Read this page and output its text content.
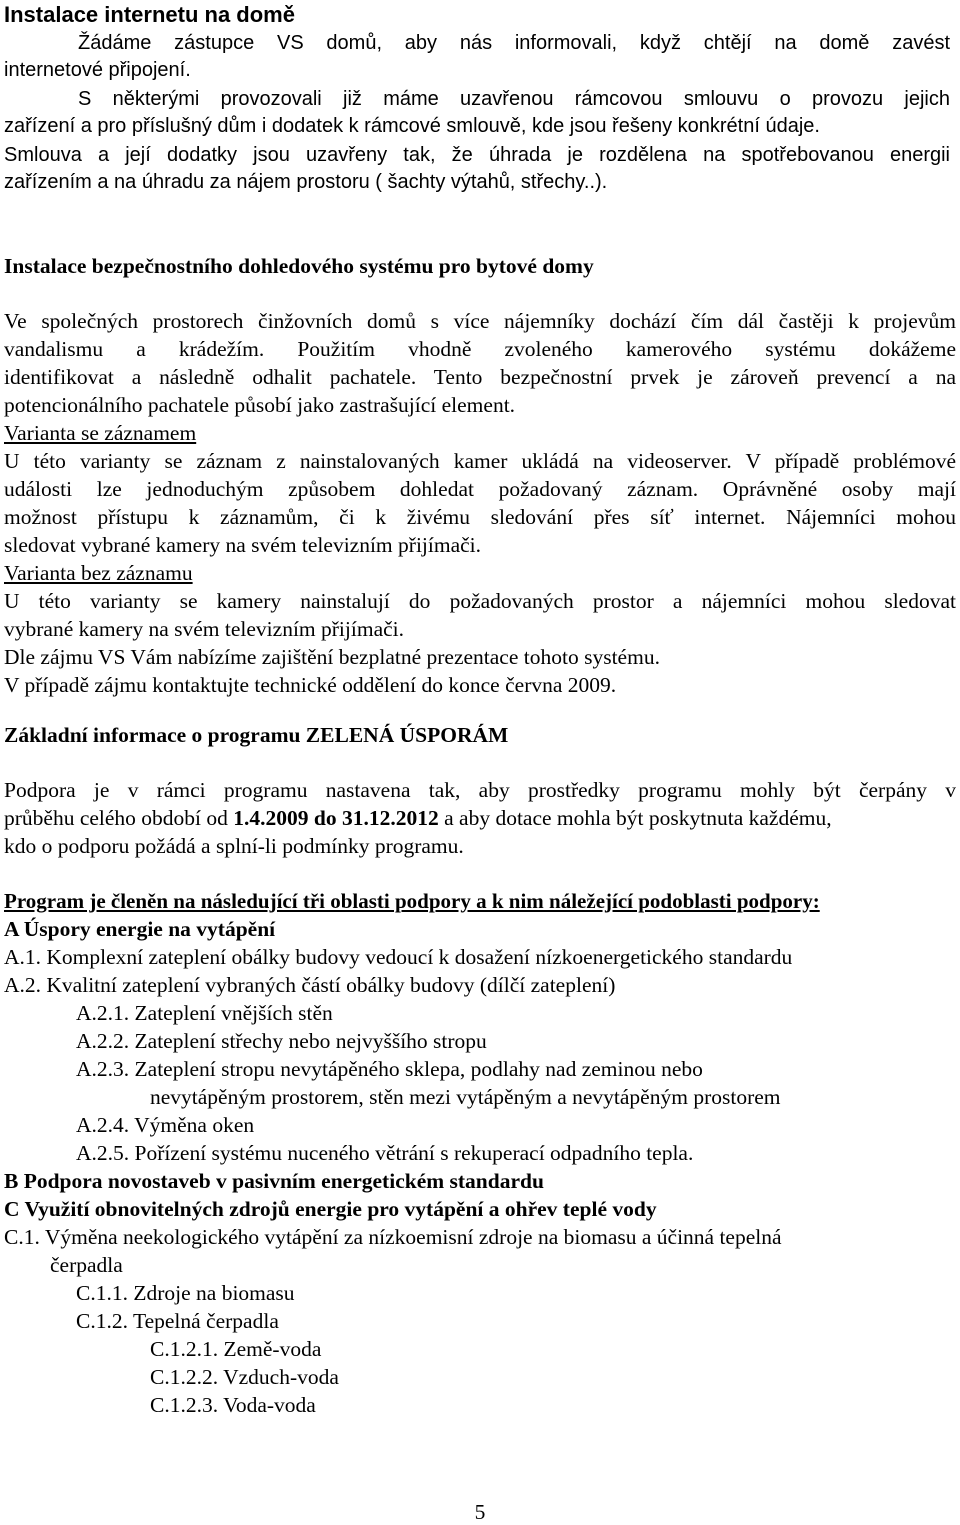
Instalace internetu na domě
Žádáme zástupce VS domů, aby nás informovali, když chtějí na domě zavést
internetové připojení.
S některými provozovali již máme uzavřenou rámcovou smlouvu o provozu jejich
zařízení a pro příslušný dům i dodatek k rámcové smlouvě, kde jsou řešeny konkrétní údaje.
Smlouva a její dodatky jsou uzavřeny tak, že úhrada je rozdělena na spotřebovanou energii
zařízením a na úhradu za nájem prostoru ( šachty výtahů, střechy..).
Instalace bezpečnostního dohledového systému pro bytové domy
Ve společných prostorech činžovních domů s více nájemníky dochází čím dál častěji k projevům
vandalismu a krádežím. Použitím vhodně zvoleného kamerového systému dokážeme
identifikovat a následně odhalit pachatele. Tento bezpečnostní prvek je zároveň prevencí a na
potencionálního pachatele působí jako zastrašující element.
Varianta se záznamem
U této varianty se záznam z nainstalovaných kamer ukládá na videoserver. V případě problémové
události lze jednoduchým způsobem dohledat požadovaný záznam. Oprávněné osoby mají
možnost přístupu k záznamům, či k živému sledování přes síť internet. Nájemníci mohou
sledovat vybrané kamery na svém televizním přijímači.
Varianta bez záznamu
U této varianty se kamery nainstalují do požadovaných prostor a nájemníci mohou sledovat
vybrané kamery na svém televizním přijímači.
Dle zájmu VS Vám nabízíme zajištění bezplatné prezentace tohoto systému.
V případě zájmu kontaktujte technické oddělení do konce června 2009.
Základní informace o programu ZELENÁ ÚSPORÁM
Podpora je v rámci programu nastavena tak, aby prostředky programu mohly být čerpány v
průběhu celého období od 1.4.2009 do 31.12.2012 a aby dotace mohla být poskytnuta každému,
kdo o podporu požádá a splní-li podmínky programu.
Program je členěn na následující tři oblasti podpory a k nim náležející podoblasti podpory:
A Úspory energie na vytápění
A.1. Komplexní zateplení obálky budovy vedoucí k dosažení nízkoenergetického standardu
A.2. Kvalitní zateplení vybraných částí obálky budovy (dílčí zateplení)
A.2.1. Zateplení vnějších stěn
A.2.2. Zateplení střechy nebo nejvyššího stropu
A.2.3. Zateplení stropu nevytápěného sklepa, podlahy nad zeminou nebo
nevytápěným prostorem, stěn mezi vytápěným a nevytápěným prostorem
A.2.4. Výměna oken
A.2.5. Pořízení systému nuceného větrání s rekuperací odpadního tepla.
B Podpora novostaveb v pasivním energetickém standardu
C Využití obnovitelných zdrojů energie pro vytápění a ohřev teplé vody
C.1. Výměna neekologického vytápění za nízkoemisní zdroje na biomasu a účinná tepelná
čerpadla
C.1.1. Zdroje na biomasu
C.1.2. Tepelná čerpadla
C.1.2.1. Země-voda
C.1.2.2. Vzduch-voda
C.1.2.3. Voda-voda
5
